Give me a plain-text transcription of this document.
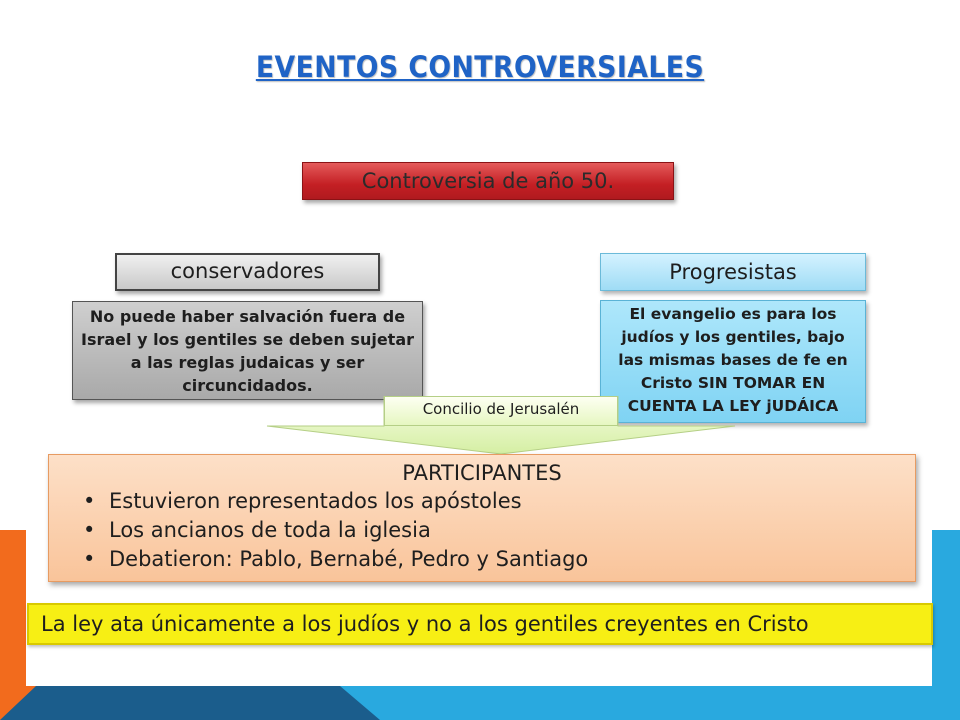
EVENTOS CONTROVERSIALES
Controversia de año 50.
conservadores	Progresistas
No puede haber salvación fuera de
Israel y los gentiles se deben sujetar
a las reglas judaicas y ser
circuncidados.
El evangelio es para los
judíos y los gentiles, bajo
las mismas bases de fe en
Cristo SIN TOMAR EN
CUENTA LA LEY jUDÁICA
Concilio de Jerusalén
PARTICIPANTES
• Estuvieron representados los apóstoles
• Los ancianos de toda la iglesia
• Debatieron: Pablo, Bernabé, Pedro y Santiago
La ley ata únicamente a los judíos y no a los gentiles creyentes en Cristo
